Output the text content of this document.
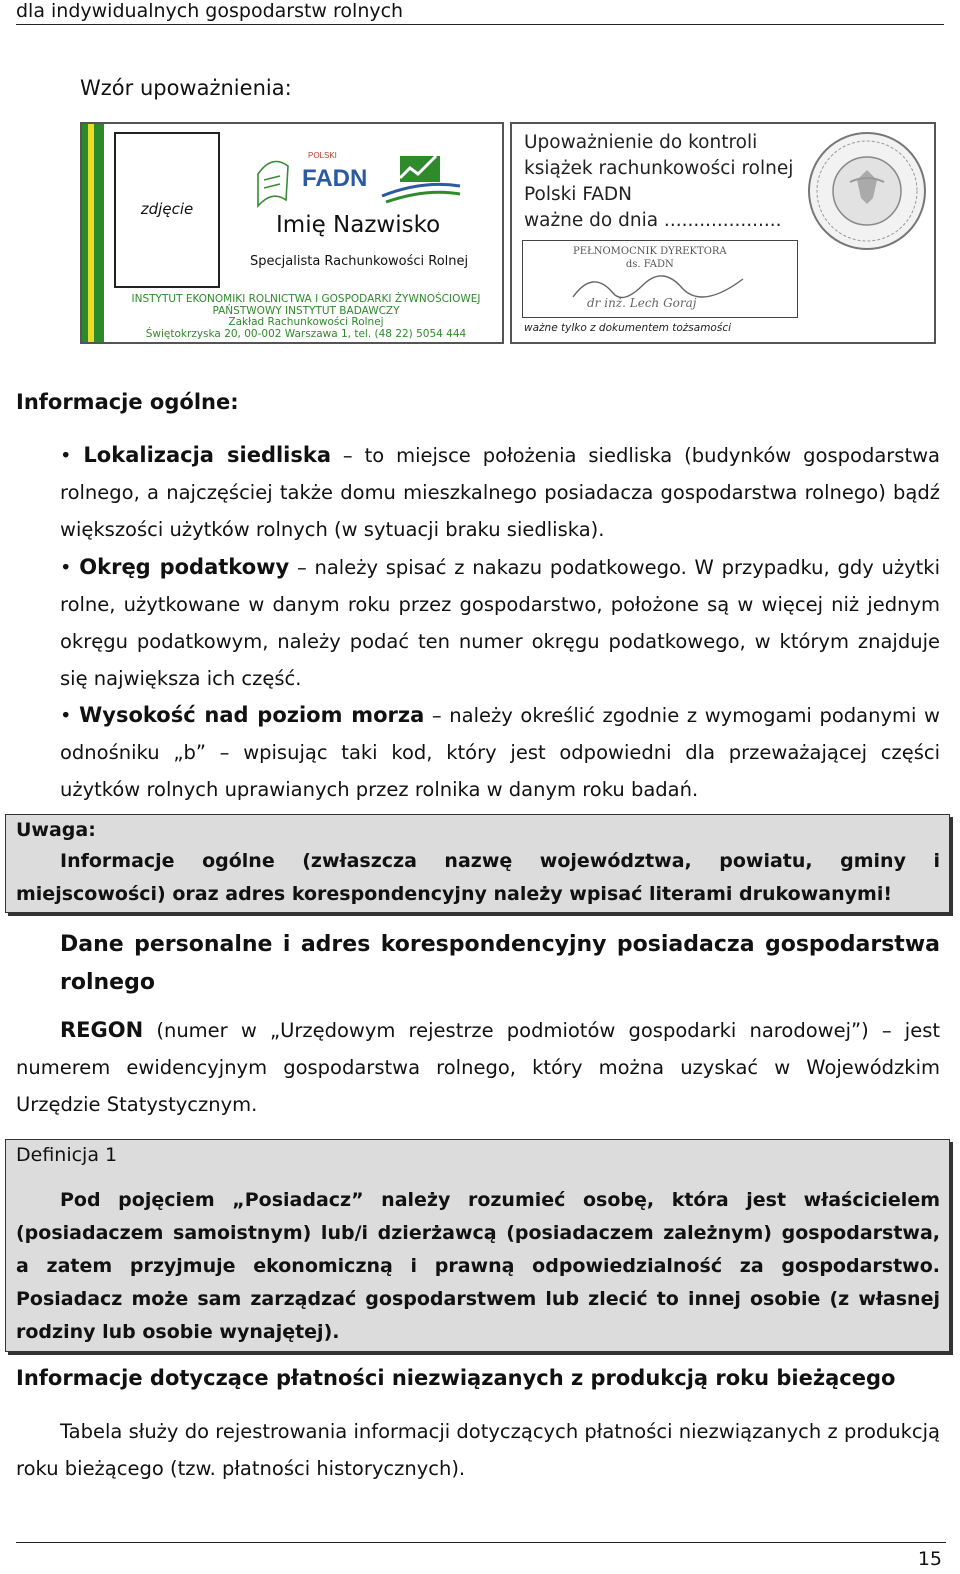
dla indywidualnych gospodarstw rolnych
Wzór upoważnienia:
zdjęcie
POLSKI
FADN
Imię Nazwisko
Specjalista Rachunkowości Rolnej
INSTYTUT EKONOMIKI ROLNICTWA I GOSPODARKI ŻYWNOŚCIOWEJ
PAŃSTWOWY INSTYTUT BADAWCZY
Zakład Rachunkowości Rolnej
Świętokrzyska 20, 00-002 Warszawa 1, tel. (48 22) 5054 444
Upoważnienie do kontroli
książek rachunkowości rolnej
Polski FADN
ważne do dnia ....................
PEŁNOMOCNIK DYREKTORA
ds. FADN
dr inż. Lech Goraj
ważne tylko z dokumentem tożsamości
Informacje ogólne:
• Lokalizacja siedliska – to miejsce położenia siedliska (budynków gospodarstwa rolnego, a najczęściej także domu mieszkalnego posiadacza gospodarstwa rolnego) bądź większości użytków rolnych (w sytuacji braku siedliska).
• Okręg podatkowy – należy spisać z nakazu podatkowego. W przypadku, gdy użytki rolne, użytkowane w danym roku przez gospodarstwo, położone są w więcej niż jednym okręgu podatkowym, należy podać ten numer okręgu podatkowego, w którym znajduje się największa ich część.
• Wysokość nad poziom morza – należy określić zgodnie z wymogami podanymi w odnośniku „b” – wpisując taki kod, który jest odpowiedni dla przeważającej części użytków rolnych uprawianych przez rolnika w danym roku badań.
Uwaga:
Informacje ogólne (zwłaszcza nazwę województwa, powiatu, gminy i miejscowości) oraz adres korespondencyjny należy wpisać literami drukowanymi!
Dane personalne i adres korespondencyjny posiadacza gospodarstwa rolnego
REGON (numer w „Urzędowym rejestrze podmiotów gospodarki narodowej”) – jest numerem ewidencyjnym gospodarstwa rolnego, który można uzyskać w Wojewódzkim Urzędzie Statystycznym.
Definicja 1
Pod pojęciem „Posiadacz” należy rozumieć osobę, która jest właścicielem (posiadaczem samoistnym) lub/i dzierżawcą (posiadaczem zależnym) gospodarstwa, a zatem przyjmuje ekonomiczną i prawną odpowiedzialność za gospodarstwo. Posiadacz może sam zarządzać gospodarstwem lub zlecić to innej osobie (z własnej rodziny lub osobie wynajętej).
Informacje dotyczące płatności niezwiązanych z produkcją roku bieżącego
Tabela służy do rejestrowania informacji dotyczących płatności niezwiązanych z produkcją roku bieżącego (tzw. płatności historycznych).
15
